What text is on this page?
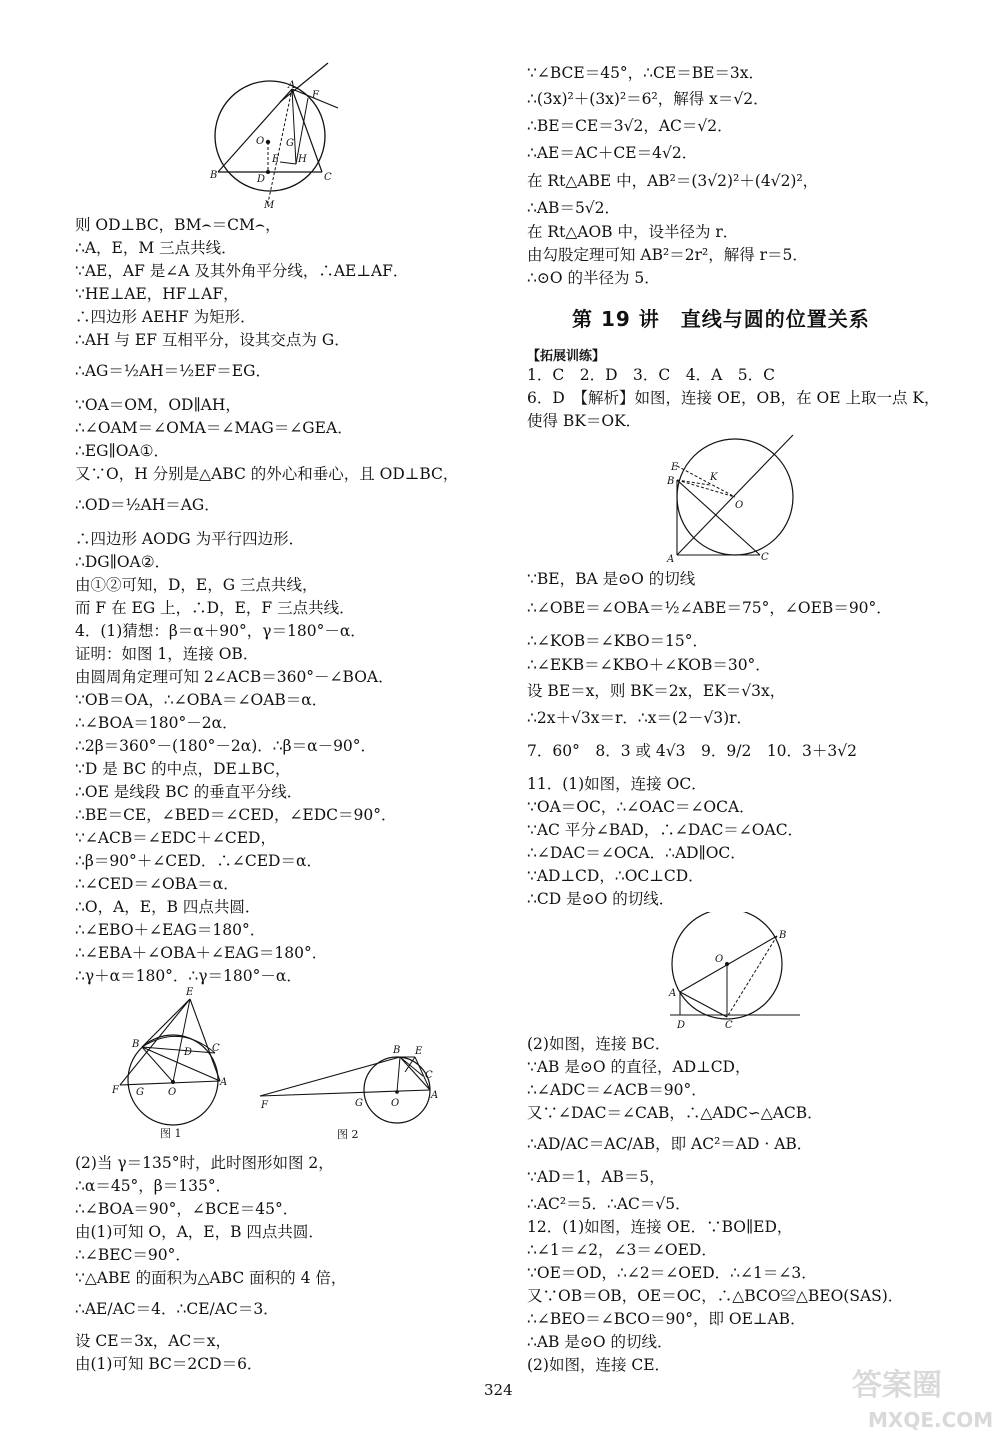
A
F
O G
E H
B	D	C
M
则 OD⊥BC，BM⌢＝CM⌢，
∴A，E，M 三点共线．
∵AE，AF 是∠A 及其外角平分线，∴AE⊥AF．
∵HE⊥AE，HF⊥AF，
∴四边形 AEHF 为矩形．
∴AH 与 EF 互相平分，设其交点为 G．
∴AG＝½AH＝½EF＝EG．
∵OA＝OM，OD∥AH，
∴∠OAM＝∠OMA＝∠MAG＝∠GEA．
∴EG∥OA①．
又∵O，H 分别是△ABC 的外心和垂心，且 OD⊥BC，
∴OD＝½AH＝AG．
∴四边形 AODG 为平行四边形．
∴DG∥OA②．
由①②可知，D，E，G 三点共线，
而 F 在 EG 上，∴D，E，F 三点共线．
4．(1)猜想：β＝α＋90°，γ＝180°－α．
证明：如图 1，连接 OB．
由圆周角定理可知 2∠ACB＝360°－∠BOA．
∵OB＝OA，∴∠OBA＝∠OAB＝α．
∴∠BOA＝180°－2α．
∴2β＝360°－(180°－2α)．∴β＝α－90°．
∵D 是 BC 的中点，DE⊥BC，
∴OE 是线段 BC 的垂直平分线．
∴BE＝CE，∠BED＝∠CED，∠EDC＝90°．
∵∠ACB＝∠EDC＋∠CED，
∴β＝90°＋∠CED．∴∠CED＝α．
∴∠CED＝∠OBA＝α．
∴O，A，E，B 四点共圆．
∴∠EBO＋∠EAG＝180°．
∴∠EBA＋∠OBA＋∠EAG＝180°．
∴γ＋α＝180°．∴γ＝180°－α．
E
B
D C
F G O
A
图 1
B E
C
F	G	O
A
图 2
(2)当 γ＝135°时，此时图形如图 2，
∴α＝45°，β＝135°．
∴∠BOA＝90°，∠BCE＝45°．
由(1)可知 O，A，E，B 四点共圆．
∴∠BEC＝90°．
∵△ABE 的面积为△ABC 面积的 4 倍，
∴AE/AC＝4．∴CE/AC＝3．
设 CE＝3x，AC＝x，
由(1)可知 BC＝2CD＝6．
∵∠BCE＝45°，∴CE＝BE＝3x．
∴(3x)²＋(3x)²＝6²，解得 x＝√2．
∴BE＝CE＝3√2，AC＝√2．
∴AE＝AC＋CE＝4√2．
在 Rt△ABE 中，AB²＝(3√2)²＋(4√2)²，
∴AB＝5√2．
在 Rt△AOB 中，设半径为 r．
由勾股定理可知 AB²＝2r²，解得 r＝5．
∴⊙O 的半径为 5．
第 19 讲　直线与圆的位置关系
【拓展训练】
1．C　2．D　3．C　4．A　5．C
6．D　【解析】如图，连接 OE，OB，在 OE 上取一点 K，
使得 BK＝OK．
E
B	K
O
A	C
∵BE，BA 是⊙O 的切线
∴∠OBE＝∠OBA＝½∠ABE＝75°，∠OEB＝90°．
∴∠KOB＝∠KBO＝15°．
∴∠EKB＝∠KBO＋∠KOB＝30°．
设 BE＝x，则 BK＝2x，EK＝√3x，
∴2x＋√3x＝r．∴x＝(2－√3)r．
7．60°　8．3 或 4√3　9．9/2　10．3＋3√2
11．(1)如图，连接 OC．
∵OA＝OC，∴∠OAC＝∠OCA．
∵AC 平分∠BAD，∴∠DAC＝∠OAC．
∴∠DAC＝∠OCA．∴AD∥OC．
∵AD⊥CD，∴OC⊥CD．
∴CD 是⊙O 的切线．
B
O
A
D	C
(2)如图，连接 BC．
∵AB 是⊙O 的直径，AD⊥CD，
∴∠ADC＝∠ACB＝90°．
又∵∠DAC＝∠CAB，∴△ADC∽△ACB．
∴AD/AC＝AC/AB，即 AC²＝AD · AB．
∵AD＝1，AB＝5，
∴AC²＝5．∴AC＝√5．
12．(1)如图，连接 OE．∵BO∥ED，
∴∠1＝∠2，∠3＝∠OED．
∵OE＝OD，∴∠2＝∠OED．∴∠1＝∠3．
又∵OB＝OB，OE＝OC，∴△BCO≌△BEO(SAS)．
∴∠BEO＝∠BCO＝90°，即 OE⊥AB．
∴AB 是⊙O 的切线．
(2)如图，连接 CE．
324	答案圈
MXQE.COM
